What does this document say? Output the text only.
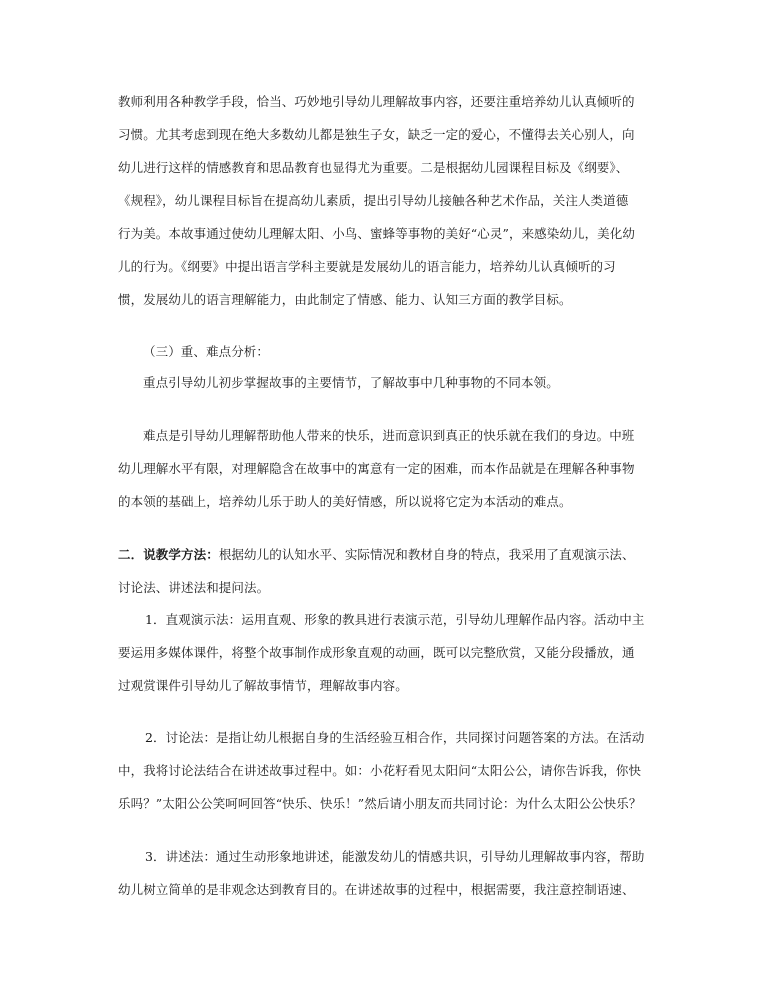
教师利用各种教学手段，恰当、巧妙地引导幼儿理解故事内容，还要注重培养幼儿认真倾听的
习惯。尤其考虑到现在绝大多数幼儿都是独生子女，缺乏一定的爱心，不懂得去关心别人，向
幼儿进行这样的情感教育和思品教育也显得尤为重要。二是根据幼儿园课程目标及《纲要》、
《规程》，幼儿课程目标旨在提高幼儿素质，提出引导幼儿接触各种艺术作品，关注人类道德
行为美。本故事通过使幼儿理解太阳、小鸟、蜜蜂等事物的美好“心灵”，来感染幼儿，美化幼
儿的行为。《纲要》中提出语言学科主要就是发展幼儿的语言能力，培养幼儿认真倾听的习
惯，发展幼儿的语言理解能力，由此制定了情感、能力、认知三方面的教学目标。
（三）重、难点分析：
重点引导幼儿初步掌握故事的主要情节，了解故事中几种事物的不同本领。
难点是引导幼儿理解帮助他人带来的快乐，进而意识到真正的快乐就在我们的身边。中班
幼儿理解水平有限，对理解隐含在故事中的寓意有一定的困难，而本作品就是在理解各种事物
的本领的基础上，培养幼儿乐于助人的美好情感，所以说将它定为本活动的难点。
二．说教学方法：根据幼儿的认知水平、实际情况和教材自身的特点，我采用了直观演示法、
讨论法、讲述法和提问法。
1．直观演示法：运用直观、形象的教具进行表演示范，引导幼儿理解作品内容。活动中主
要运用多媒体课件，将整个故事制作成形象直观的动画，既可以完整欣赏，又能分段播放，通
过观赏课件引导幼儿了解故事情节，理解故事内容。
2．讨论法：是指让幼儿根据自身的生活经验互相合作，共同探讨问题答案的方法。在活动
中，我将讨论法结合在讲述故事过程中。如：小花籽看见太阳问“太阳公公，请你告诉我，你快
乐吗？”太阳公公笑呵呵回答“快乐、快乐！”然后请小朋友而共同讨论：为什么太阳公公快乐？
3．讲述法：通过生动形象地讲述，能激发幼儿的情感共识，引导幼儿理解故事内容，帮助
幼儿树立简单的是非观念达到教育目的。在讲述故事的过程中，根据需要，我注意控制语速、
